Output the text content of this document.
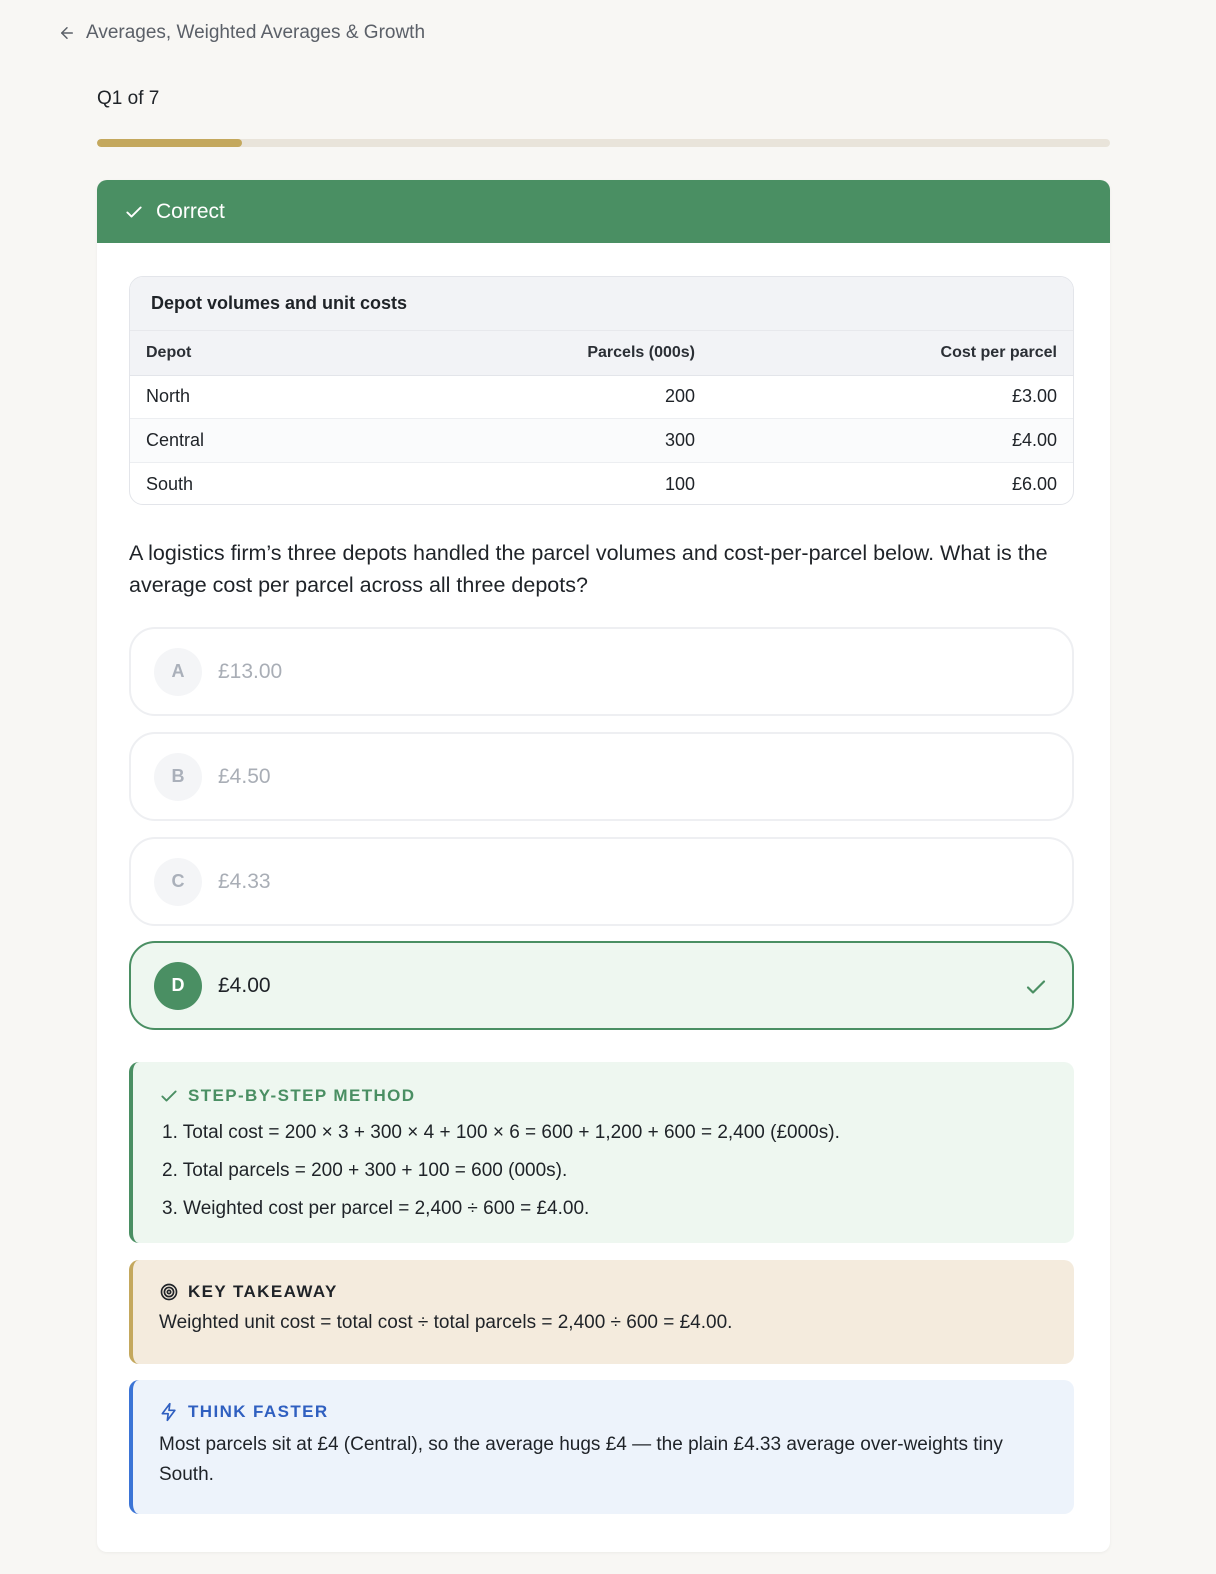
Averages, Weighted Averages & Growth
Q1 of 7
Correct
Depot volumes and unit costs
Depot	Parcels (000s)	Cost per parcel
North	200	£3.00
Central	300	£4.00
South	100	£6.00
A logistics firm’s three depots handled the parcel volumes and cost-per-parcel below. What is the average cost per parcel across all three depots?
A	£13.00
B	£4.50
C	£4.33
D	£4.00
STEP-BY-STEP METHOD
1. Total cost = 200 × 3 + 300 × 4 + 100 × 6 = 600 + 1,200 + 600 = 2,400 (£000s).
2. Total parcels = 200 + 300 + 100 = 600 (000s).
3. Weighted cost per parcel = 2,400 ÷ 600 = £4.00.
KEY TAKEAWAY

Weighted unit cost = total cost ÷ total parcels = 2,400 ÷ 600 = £4.00.

THINK FASTER

Most parcels sit at £4 (Central), so the average hugs £4 — the plain £4.33 average over-weights tiny South.
